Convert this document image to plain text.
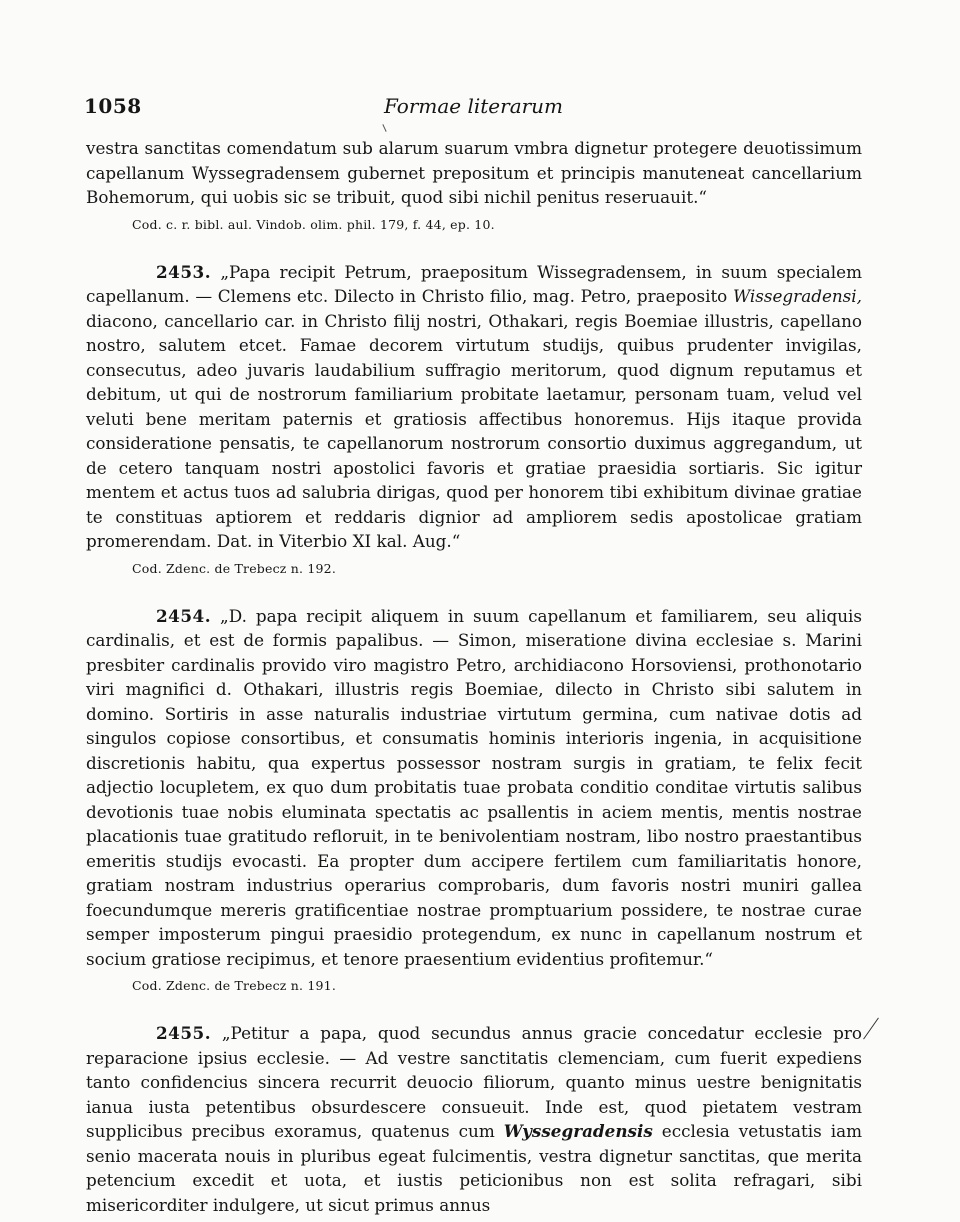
1058	Formae literarum

vestra sanctitas comendatum sub alarum suarum vmbra dignetur protegere deuotissimum capellanum Wyssegradensem gubernet prepositum et principis manuteneat cancellarium Bohemorum, qui uobis sic se tribuit, quod sibi nichil penitus reseruauit.“

Cod. c. r. bibl. aul. Vindob. olim. phil. 179, f. 44, ep. 10.

2453. „Papa recipit Petrum, praepositum Wissegradensem, in suum specialem capellanum. — Clemens etc. Dilecto in Christo filio, mag. Petro, praeposito Wissegradensi, diacono, cancellario car. in Christo filij nostri, Othakari, regis Boemiae illustris, capellano nostro, salutem etcet. Famae decorem virtutum studijs, quibus prudenter invigilas, consecutus, adeo juvaris laudabilium suffragio meritorum, quod dignum reputamus et debitum, ut qui de nostrorum familiarium probitate laetamur, personam tuam, velud vel veluti bene meritam paternis et gratiosis affectibus honoremus. Hijs itaque provida consideratione pensatis, te capellanorum nostrorum consortio duximus aggregandum, ut de cetero tanquam nostri apostolici favoris et gratiae praesidia sortiaris. Sic igitur mentem et actus tuos ad salubria dirigas, quod per honorem tibi exhibitum divinae gratiae te constituas aptiorem et reddaris dignior ad ampliorem sedis apostolicae gratiam promerendam. Dat. in Viterbio XI kal. Aug.“

Cod. Zdenc. de Trebecz n. 192.

2454. „D. papa recipit aliquem in suum capellanum et familiarem, seu aliquis cardinalis, et est de formis papalibus. — Simon, miseratione divina ecclesiae s. Marini presbiter cardinalis provido viro magistro Petro, archidiacono Horsoviensi, prothonotario viri magnifici d. Othakari, illustris regis Boemiae, dilecto in Christo sibi salutem in domino. Sortiris in asse naturalis industriae virtutum germina, cum nativae dotis ad singulos copiose consortibus, et consumatis hominis interioris ingenia, in acquisitione discretionis habitu, qua expertus possessor nostram surgis in gratiam, te felix fecit adjectio locupletem, ex quo dum probitatis tuae probata conditio conditae virtutis salibus devotionis tuae nobis eluminata spectatis ac psallentis in aciem mentis, mentis nostrae placationis tuae gratitudo refloruit, in te benivolentiam nostram, libo nostro praestantibus emeritis studijs evocasti. Ea propter dum accipere fertilem cum familiaritatis honore, gratiam nostram industrius operarius comprobaris, dum favoris nostri muniri gallea foecundumque mereris gratificentiae nostrae promptuarium possidere, te nostrae curae semper imposterum pingui praesidio protegendum, ex nunc in capellanum nostrum et socium gratiose recipimus, et tenore praesentium evidentius profitemur.“

Cod. Zdenc. de Trebecz n. 191.

2455. „Petitur a papa, quod secundus annus gracie concedatur ecclesie pro reparacione ipsius ecclesie. — Ad vestre sanctitatis clemenciam, cum fuerit expediens tanto confidencius sincera recurrit deuocio filiorum, quanto minus uestre benignitatis ianua iusta petentibus obsurdescere consueuit. Inde est, quod pietatem vestram supplicibus precibus exoramus, quatenus cum Wyssegradensis ecclesia vetustatis iam senio macerata nouis in pluribus egeat fulcimentis, vestra dignetur sanctitas, que merita petencium excedit et uota, et iustis peticionibus non est solita refragari, sibi misericorditer indulgere, ut sicut primus annus
